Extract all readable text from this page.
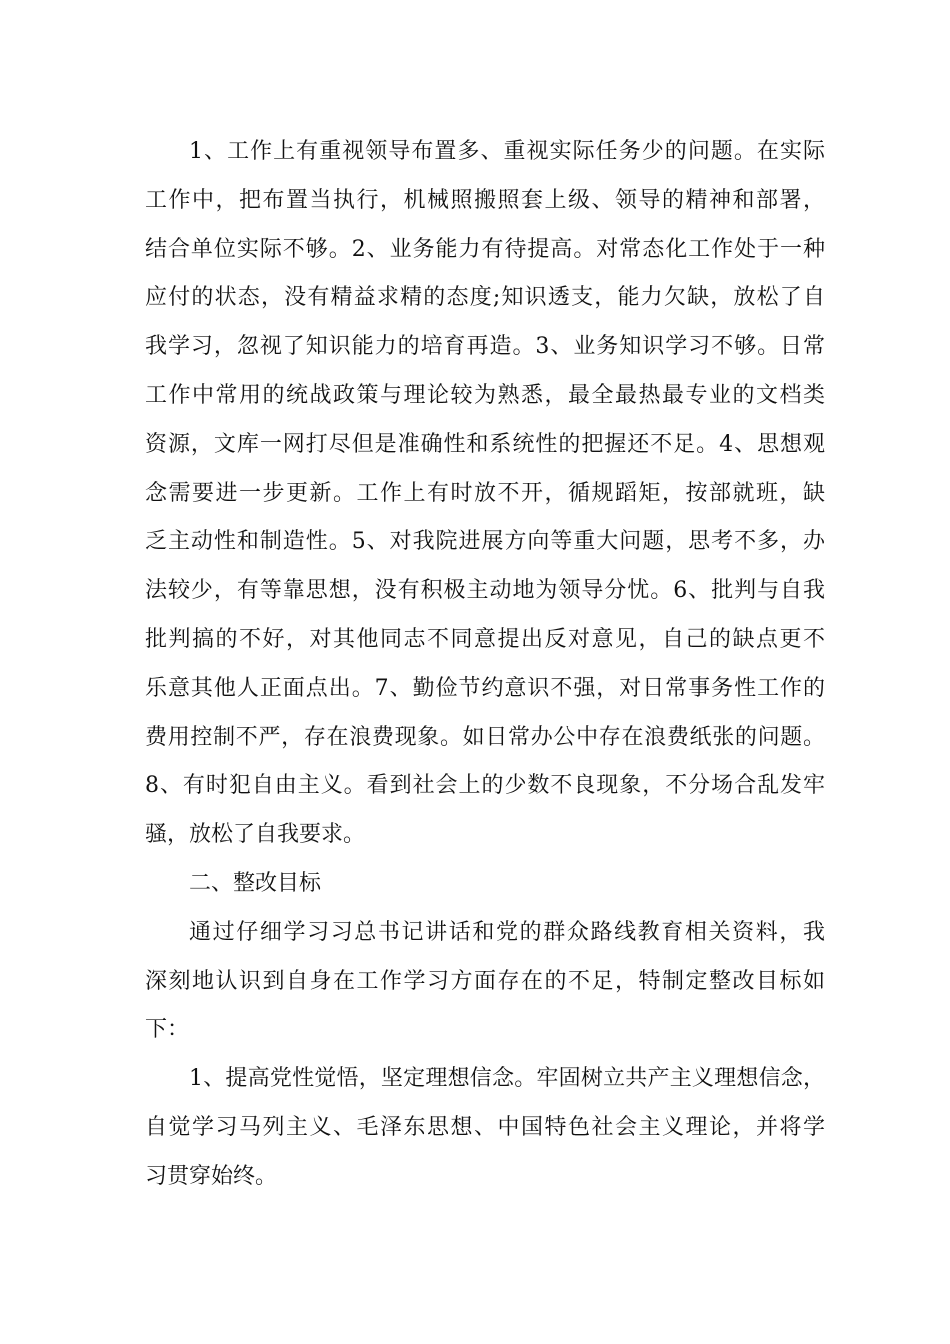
1、工作上有重视领导布置多、重视实际任务少的问题。在实际
工作中，把布置当执行，机械照搬照套上级、领导的精神和部署，
结合单位实际不够。2、业务能力有待提高。对常态化工作处于一种
应付的状态，没有精益求精的态度;知识透支，能力欠缺，放松了自
我学习，忽视了知识能力的培育再造。3、业务知识学习不够。日常
工作中常用的统战政策与理论较为熟悉，最全最热最专业的文档类
资源，文库一网打尽但是准确性和系统性的把握还不足。4、思想观
念需要进一步更新。工作上有时放不开，循规蹈矩，按部就班，缺
乏主动性和制造性。5、对我院进展方向等重大问题，思考不多，办
法较少，有等靠思想，没有积极主动地为领导分忧。6、批判与自我
批判搞的不好，对其他同志不同意提出反对意见，自己的缺点更不
乐意其他人正面点出。7、勤俭节约意识不强，对日常事务性工作的
费用控制不严，存在浪费现象。如日常办公中存在浪费纸张的问题。
8、有时犯自由主义。看到社会上的少数不良现象，不分场合乱发牢
骚，放松了自我要求。
二、整改目标
通过仔细学习习总书记讲话和党的群众路线教育相关资料，我
深刻地认识到自身在工作学习方面存在的不足，特制定整改目标如
下：
1、提高党性觉悟，坚定理想信念。牢固树立共产主义理想信念，
自觉学习马列主义、毛泽东思想、中国特色社会主义理论，并将学
习贯穿始终。
